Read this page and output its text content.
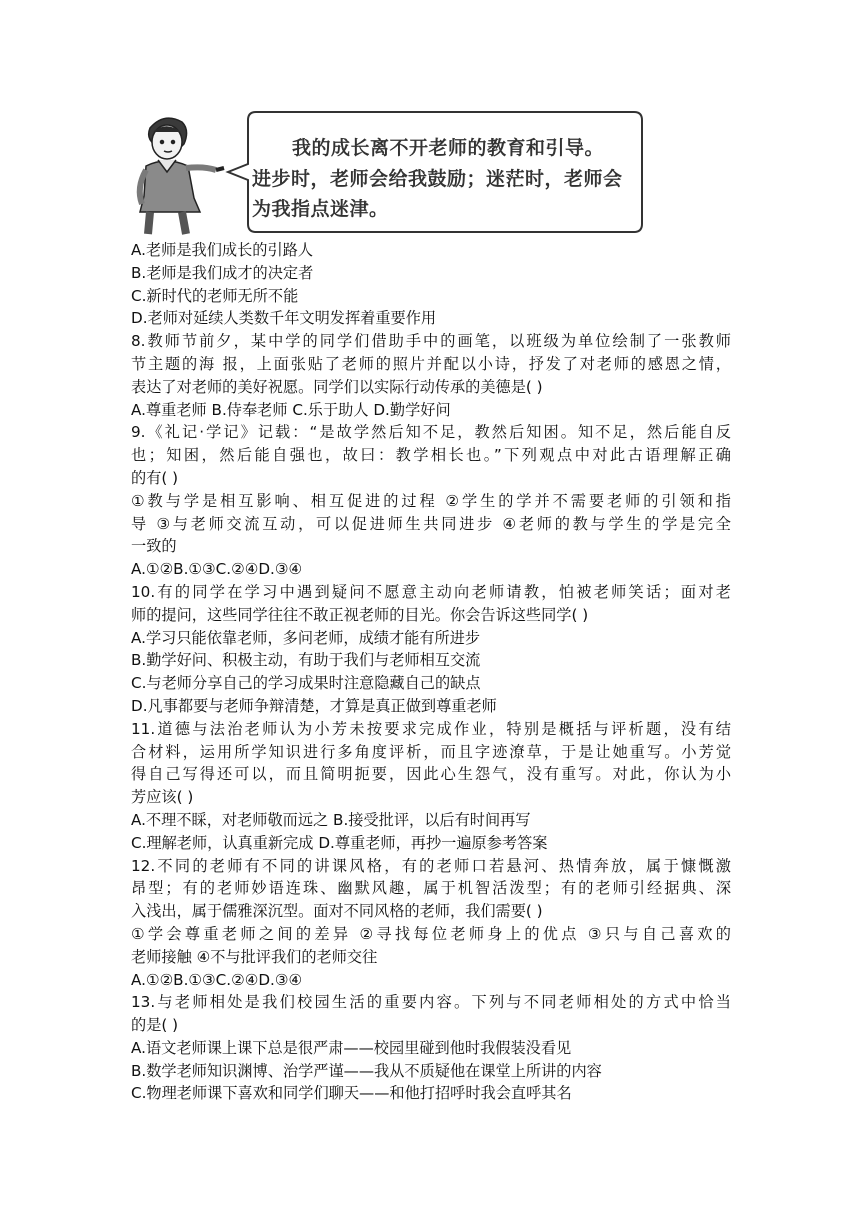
我的成长离不开老师的教育和引导。
进步时，老师会给我鼓励；迷茫时，老师会
为我指点迷津。
A.老师是我们成长的引路人
B.老师是我们成才的决定者
C.新时代的老师无所不能
D.老师对延续人类数千年文明发挥着重要作用
8.教师节前夕，某中学的同学们借助手中的画笔，以班级为单位绘制了一张教师
节主题的海 报，上面张贴了老师的照片并配以小诗，抒发了对老师的感恩之情，
表达了对老师的美好祝愿。同学们以实际行动传承的美德是( )
A.尊重老师 B.侍奉老师 C.乐于助人 D.勤学好问
9.《礼记·学记》记载：“是故学然后知不足，教然后知困。知不足，然后能自反
也；知困，然后能自强也，故曰：教学相长也。”下列观点中对此古语理解正确
的有( )
①教与学是相互影响、相互促进的过程 ②学生的学并不需要老师的引领和指
导 ③与老师交流互动，可以促进师生共同进步 ④老师的教与学生的学是完全
一致的
A.①②B.①③C.②④D.③④
10.有的同学在学习中遇到疑问不愿意主动向老师请教，怕被老师笑话；面对老
师的提问，这些同学往往不敢正视老师的目光。你会告诉这些同学( )
A.学习只能依靠老师，多问老师，成绩才能有所进步
B.勤学好问、积极主动，有助于我们与老师相互交流
C.与老师分享自己的学习成果时注意隐藏自己的缺点
D.凡事都要与老师争辩清楚，才算是真正做到尊重老师
11.道德与法治老师认为小芳未按要求完成作业，特别是概括与评析题，没有结
合材料，运用所学知识进行多角度评析，而且字迹潦草，于是让她重写。小芳觉
得自己写得还可以，而且简明扼要，因此心生怨气，没有重写。对此，你认为小
芳应该( )
A.不理不睬，对老师敬而远之 B.接受批评，以后有时间再写
C.理解老师，认真重新完成 D.尊重老师，再抄一遍原参考答案
12.不同的老师有不同的讲课风格，有的老师口若悬河、热情奔放，属于慷慨激
昂型；有的老师妙语连珠、幽默风趣，属于机智活泼型；有的老师引经据典、深
入浅出，属于儒雅深沉型。面对不同风格的老师，我们需要( )
①学会尊重老师之间的差异 ②寻找每位老师身上的优点 ③只与自己喜欢的
老师接触 ④不与批评我们的老师交往
A.①②B.①③C.②④D.③④
13.与老师相处是我们校园生活的重要内容。下列与不同老师相处的方式中恰当
的是( )
A.语文老师课上课下总是很严肃——校园里碰到他时我假装没看见
B.数学老师知识渊博、治学严谨——我从不质疑他在课堂上所讲的内容
C.物理老师课下喜欢和同学们聊天——和他打招呼时我会直呼其名
